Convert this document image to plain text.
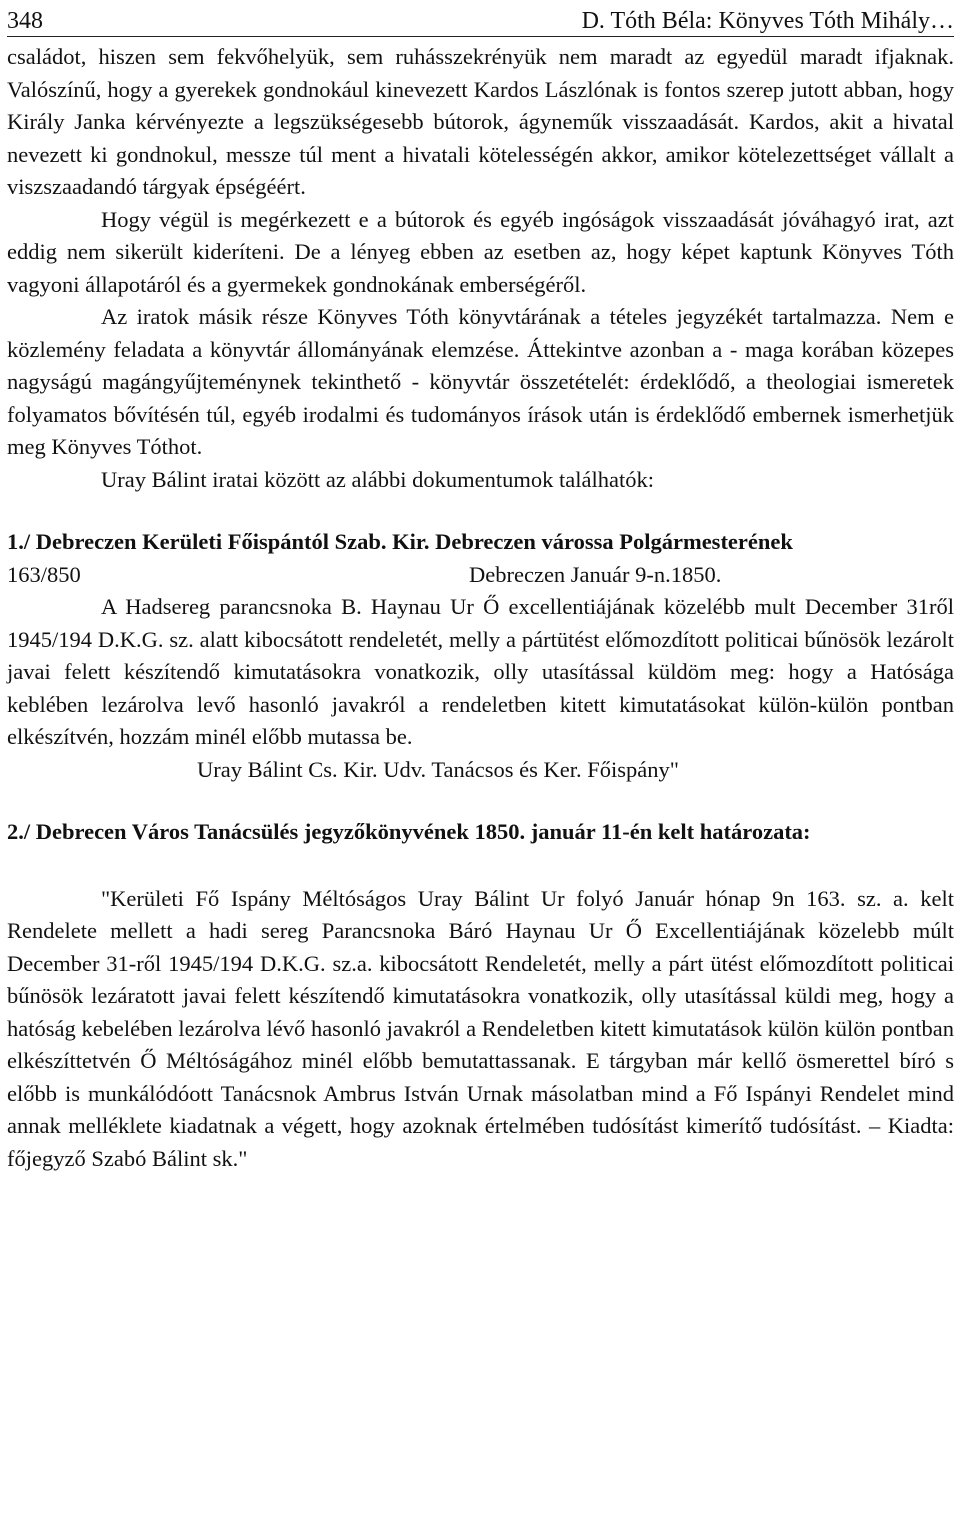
348	D. Tóth Béla: Könyves Tóth Mihály…

családot, hiszen sem fekvőhelyük, sem ruhásszekrényük nem maradt az egyedül maradt ifjaknak. Valószínű, hogy a gyerekek gondnokául kinevezett Kardos Lászlónak is fontos szerep jutott abban, hogy Király Janka kérvényezte a legszükségesebb bútorok, ágyneműk visszaadását. Kardos, akit a hivatal nevezett ki gondnokul, messze túl ment a hivatali kötelességén akkor, amikor kötelezettséget vállalt a viszszaadandó tárgyak épségéért.

Hogy végül is megérkezett e a bútorok és egyéb ingóságok visszaadását jóváhagyó irat, azt eddig nem sikerült kideríteni. De a lényeg ebben az esetben az, hogy képet kaptunk Könyves Tóth vagyoni állapotáról és a gyermekek gondnokának emberségéről.

Az iratok másik része Könyves Tóth könyvtárának a tételes jegyzékét tartalmazza. Nem e közlemény feladata a könyvtár állományának elemzése. Áttekintve azonban a - maga korában közepes nagyságú magángyűjteménynek tekinthető - könyvtár összetételét: érdeklődő, a theologiai ismeretek folyamatos bővítésén túl, egyéb irodalmi és tudományos írások után is érdeklődő embernek ismerhetjük meg Könyves Tóthot.

Uray Bálint iratai között az alábbi dokumentumok találhatók:

1./ Debreczen Kerületi Főispántól Szab. Kir. Debreczen várossa Polgármesterének

163/850	Debreczen Január 9-n.1850.

A Hadsereg parancsnoka B. Haynau Ur Ő excellentiájának közelébb mult December 31ről 1945/194 D.K.G. sz. alatt kibocsátott rendeletét, melly a pártütést előmozdított politicai bűnösök lezárolt javai felett készítendő kimutatásokra vonatkozik, olly utasítással küldöm meg: hogy a Hatósága keblében lezárolva levő hasonló javakról a rendeletben kitett kimutatásokat külön-külön pontban elkészítvén, hozzám minél előbb mutassa be.

Uray Bálint Cs. Kir. Udv. Tanácsos és Ker. Főispány"

2./ Debrecen Város Tanácsülés jegyzőkönyvének 1850. január 11-én kelt határozata:

"Kerületi Fő Ispány Méltóságos Uray Bálint Ur folyó Január hónap 9n 163. sz. a. kelt Rendelete mellett a hadi sereg Parancsnoka Báró Haynau Ur Ő Excellentiájának közelebb múlt December 31-ről 1945/194 D.K.G. sz.a. kibocsátott Rendeletét, melly a párt ütést előmozdított politicai bűnösök lezáratott javai felett készítendő kimutatásokra vonatkozik, olly utasítással küldi meg, hogy a hatóság kebelében lezárolva lévő hasonló javakról a Rendeletben kitett kimutatások külön külön pontban elkészíttetvén Ő Méltóságához minél előbb bemutattassanak. E tárgyban már kellő ösmerettel bíró s előbb is munkálódóott Tanácsnok Ambrus István Urnak másolatban mind a Fő Ispányi Rendelet mind annak melléklete kiadatnak a végett, hogy azoknak értelmében tudósítást kimerítő tudósítást. – Kiadta: főjegyző Szabó Bálint sk."
